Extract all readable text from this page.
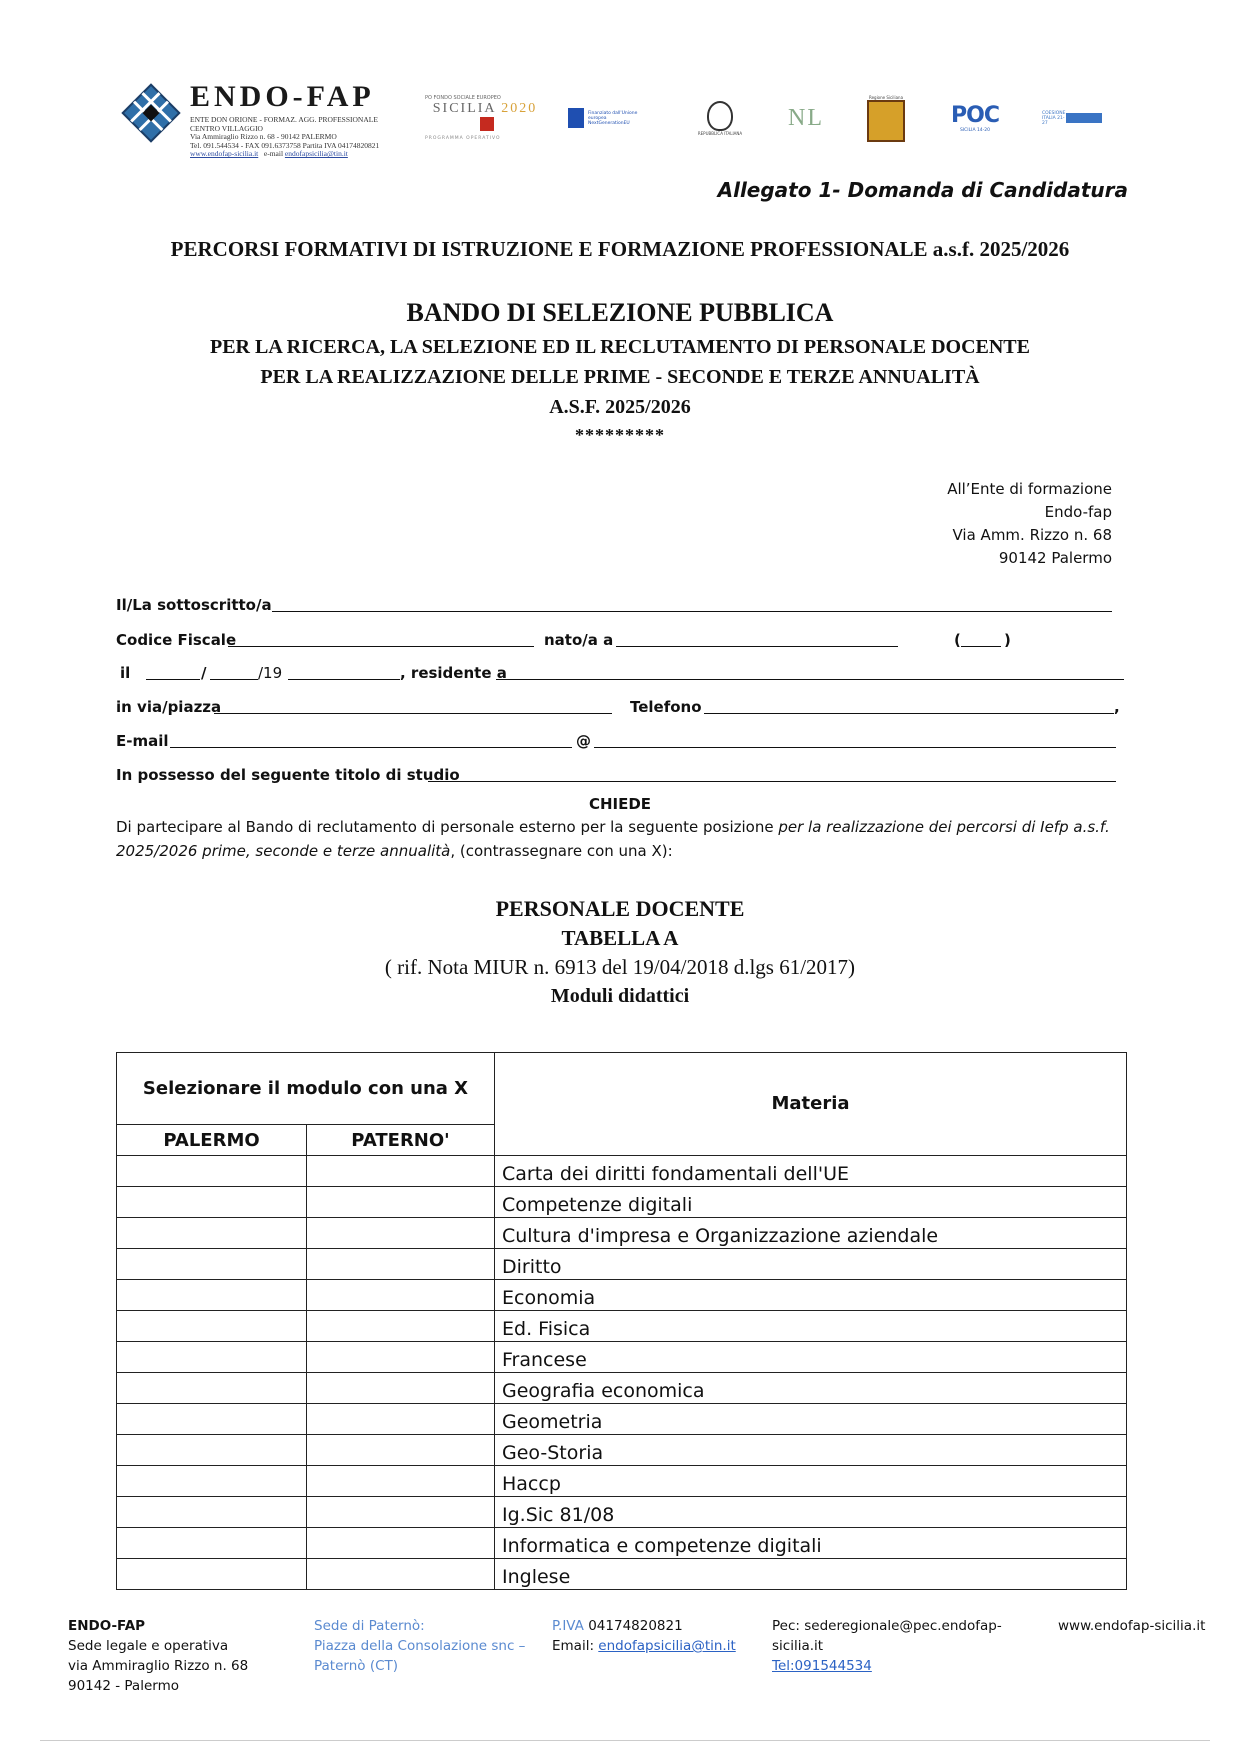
ENDO-FAP
ENTE DON ORIONE - FORMAZ. AGG. PROFESSIONALE
CENTRO VILLAGGIO
Via Ammiraglio Rizzo n. 68 - 90142 PALERMO
Tel. 091.544534 - FAX 091.6373758 Partita IVA 04174820821
www.endofap-sicilia.it e-mail endofapsicilia@tin.it
PO FONDO SOCIALE EUROPEO
SICILIA 2020
PROGRAMMA OPERATIVO
Finanziato dall'Unione europea NextGenerationEU
REPUBBLICA ITALIANA
NL
Regione Siciliana
POC
SICILIA 14-20
COESIONE ITALIA 21-27
Allegato 1- Domanda di Candidatura
PERCORSI FORMATIVI DI ISTRUZIONE E FORMAZIONE PROFESSIONALE a.s.f. 2025/2026
BANDO DI SELEZIONE PUBBLICA
PER LA RICERCA, LA SELEZIONE ED IL RECLUTAMENTO DI PERSONALE DOCENTE
PER LA REALIZZAZIONE DELLE PRIME - SECONDE E TERZE ANNUALITÀ
A.S.F. 2025/2026
*********
All’Ente di formazione
Endo-fap
Via Amm. Rizzo n. 68
90142 Palermo
Il/La sottoscritto/a
Codice Fiscale	nato/a a	(	)
il	/	/19	, residente a
in via/piazza	Telefono	,
E-mail	@
In possesso del seguente titolo di studio
CHIEDE
Di partecipare al Bando di reclutamento di personale esterno per la seguente posizione per la realizzazione dei percorsi di Iefp a.s.f. 2025/2026 prime, seconde e terze annualità, (contrassegnare con una X):
PERSONALE DOCENTE
TABELLA A
( rif. Nota MIUR n. 6913 del 19/04/2018 d.lgs 61/2017)
Moduli didattici
Selezionare il modulo con una X		Materia
PALERMO	PATERNO'	
		Carta dei diritti fondamentali dell'UE
		Competenze digitali
		Cultura d'impresa e Organizzazione aziendale
		Diritto
		Economia
		Ed. Fisica
		Francese
		Geografia economica
		Geometria
		Geo-Storia
		Haccp
		Ig.Sic 81/08
		Informatica e competenze digitali
		Inglese
ENDO-FAP
Sede legale e operativa
via Ammiraglio Rizzo n. 68
90142 - Palermo
Sede di Paternò:
Piazza della Consolazione snc –
Paternò (CT)
P.IVA 04174820821
Email: endofapsicilia@tin.it
Pec: sederegionale@pec.endofap-sicilia.it
Tel:091544534
www.endofap-sicilia.it
